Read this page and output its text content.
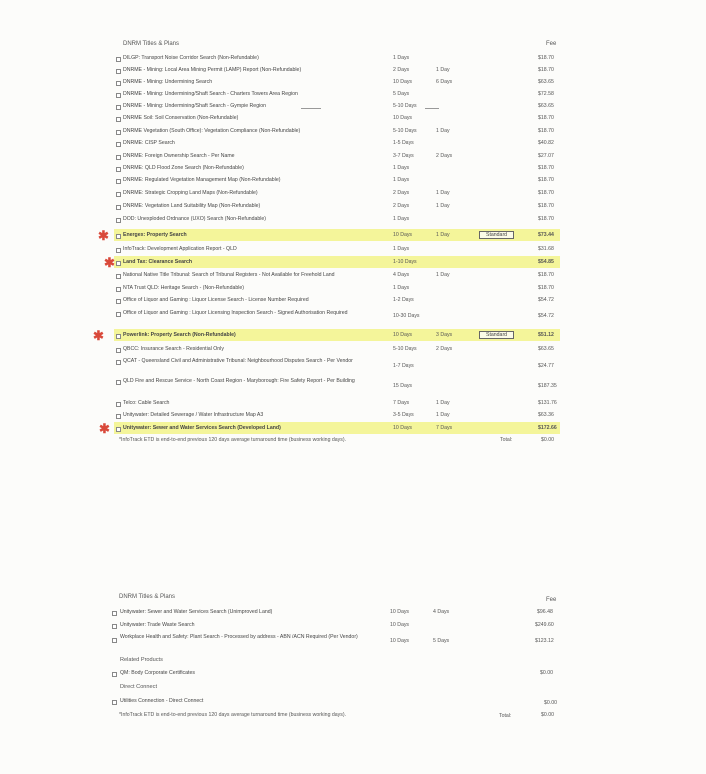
DNRM Titles & Plans	Fee
✱
✱
✱
✱
DILGP: Transport Noise Corridor Search (Non-Refundable)	1 Days	$18.70
DNRME - Mining: Local Area Mining Permit (LAMP) Report (Non-Refundable)	2 Days	1 Day	$18.70
DNRME - Mining: Undermining Search	10 Days	6 Days	$63.65
DNRME - Mining: Undermining/Shaft Search - Charters Towers Area Region	5 Days	$72.58
DNRME - Mining: Undermining/Shaft Search - Gympie Region	5-10 Days	$63.65
DNRME Soil: Soil Conservation (Non-Refundable)	10 Days	$18.70
DNRME Vegetation (South Office): Vegetation Compliance (Non-Refundable)	5-10 Days	1 Day	$18.70
DNRME: CISP Search	1-5 Days	$40.82
DNRME: Foreign Ownership Search - Per Name	3-7 Days	2 Days	$27.07
DNRME: QLD Flood Zone Search (Non-Refundable)	1 Days	$18.70
DNRME: Regulated Vegetation Management Map (Non-Refundable)	1 Days	$18.70
DNRME: Strategic Cropping Land Maps (Non-Refundable)	2 Days	1 Day	$18.70
DNRME: Vegetation Land Suitability Map (Non-Refundable)	2 Days	1 Day	$18.70
DOD: Unexploded Ordnance (UXO) Search (Non-Refundable)	1 Days	$18.70
Energex: Property Search	10 Days	1 Day	Standard	$73.44
InfoTrack: Development Application Report - QLD	1 Days	$31.68
Land Tax: Clearance Search	1-10 Days	$54.85
National Native Title Tribunal: Search of Tribunal Registers - Not Available for Freehold Land	4 Days	1 Day	$18.70
NTA Trust QLD: Heritage Search - (Non-Refundable)	1 Days	$18.70
Office of Liquor and Gaming : Liquor License Search - License Number Required	1-2 Days	$54.72
Office of Liquor and Gaming : Liquor Licensing Inspection Search - Signed Authorisation Required	10-30 Days	$54.72
Powerlink: Property Search (Non-Refundable)	10 Days	3 Days	Standard	$51.12
QBCC: Insurance Search - Residential Only	5-10 Days	2 Days	$63.65
QCAT - Queensland Civil and Administrative Tribunal: Neighbourhood Disputes Search - Per Vendor
1-7 Days	$24.77
QLD Fire and Rescue Service - North Coast Region - Maryborough: Fire Safety Report - Per Building
15 Days	$187.35
Telco: Cable Search	7 Days	1 Day	$131.76
Unitywater: Detailed Sewerage / Water Infrastructure Map A3	3-5 Days	1 Day	$63.36
Unitywater: Sewer and Water Services Search (Developed Land)	10 Days	7 Days	$172.66
*InfoTrack ETD is end-to-end previous 120 days average turnaround time (business working days).	Total:	$0.00
DNRM Titles & Plans	Fee
Unitywater: Sewer and Water Services Search (Unimproved Land)	10 Days	4 Days	$96.48
Unitywater: Trade Waste Search	10 Days	$249.60
Workplace Health and Safety: Plant Search - Processed by address - ABN /ACN Required (Per Vendor)
10 Days	5 Days	$123.12
Related Products
QM: Body Corporate Certificates	$0.00
Direct Connect
Utilities Connection - Direct Connect	$0.00
*InfoTrack ETD is end-to-end previous 120 days average turnaround time (business working days).	Total:	$0.00
